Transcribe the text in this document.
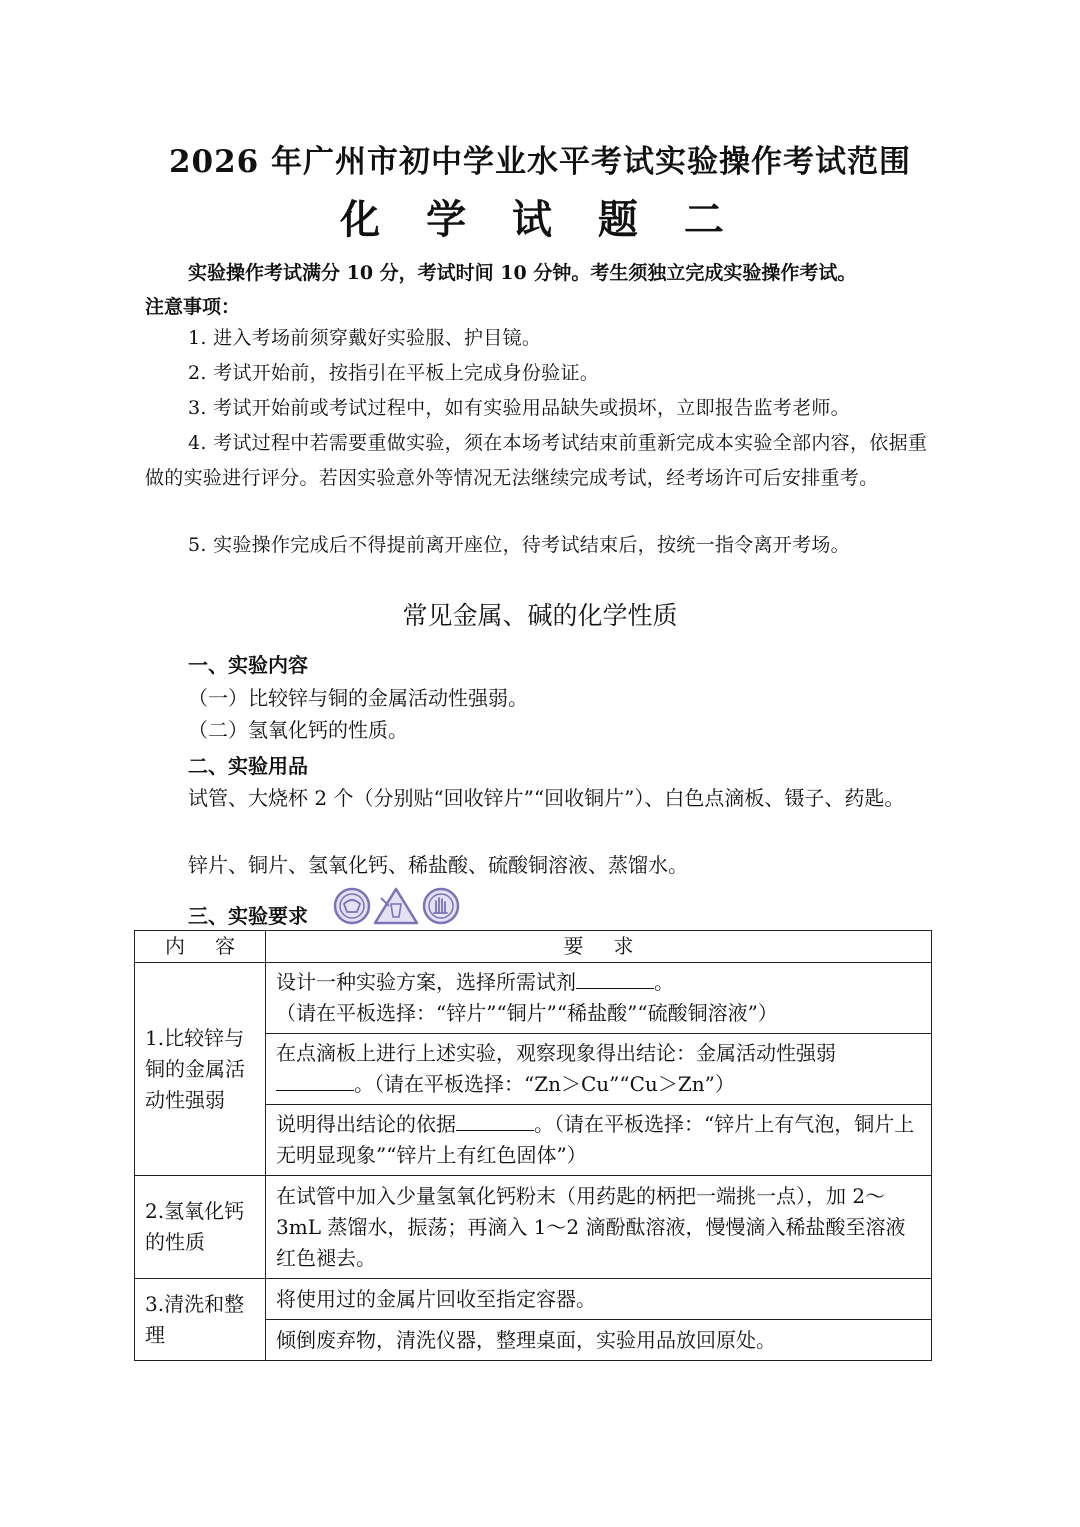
2026 年广州市初中学业水平考试实验操作考试范围
化 学 试 题 二
实验操作考试满分 10 分，考试时间 10 分钟。考生须独立完成实验操作考试。
注意事项：
1. 进入考场前须穿戴好实验服、护目镜。
2. 考试开始前，按指引在平板上完成身份验证。
3. 考试开始前或考试过程中，如有实验用品缺失或损坏，立即报告监考老师。
4. 考试过程中若需要重做实验，须在本场考试结束前重新完成本实验全部内容，依据重做的实验进行评分。若因实验意外等情况无法继续完成考试，经考场许可后安排重考。
5. 实验操作完成后不得提前离开座位，待考试结束后，按统一指令离开考场。
常见金属、碱的化学性质
一、实验内容
（一）比较锌与铜的金属活动性强弱。
（二）氢氧化钙的性质。
二、实验用品
试管、大烧杯 2 个（分别贴“回收锌片”“回收铜片”）、白色点滴板、镊子、药匙。
锌片、铜片、氢氧化钙、稀盐酸、硫酸铜溶液、蒸馏水。
三、实验要求
内 容	要 求
1.比较锌与铜的金属活动性强弱	设计一种实验方案，选择所需试剂 。
（请在平板选择：“锌片”“铜片”“稀盐酸”“硫酸铜溶液”）
	在点滴板上进行上述实验，观察现象得出结论：金属活动性强弱
。（请在平板选择：“Zn＞Cu”“Cu＞Zn”）
	说明得出结论的依据 。（请在平板选择：“锌片上有气泡，铜片上无明显现象”“锌片上有红色固体”）
2.氢氧化钙的性质	在试管中加入少量氢氧化钙粉末（用药匙的柄把一端挑一点），加 2～3mL 蒸馏水，振荡；再滴入 1～2 滴酚酞溶液，慢慢滴入稀盐酸至溶液红色褪去。
3.清洗和整理	将使用过的金属片回收至指定容器。
	倾倒废弃物，清洗仪器，整理桌面，实验用品放回原处。
